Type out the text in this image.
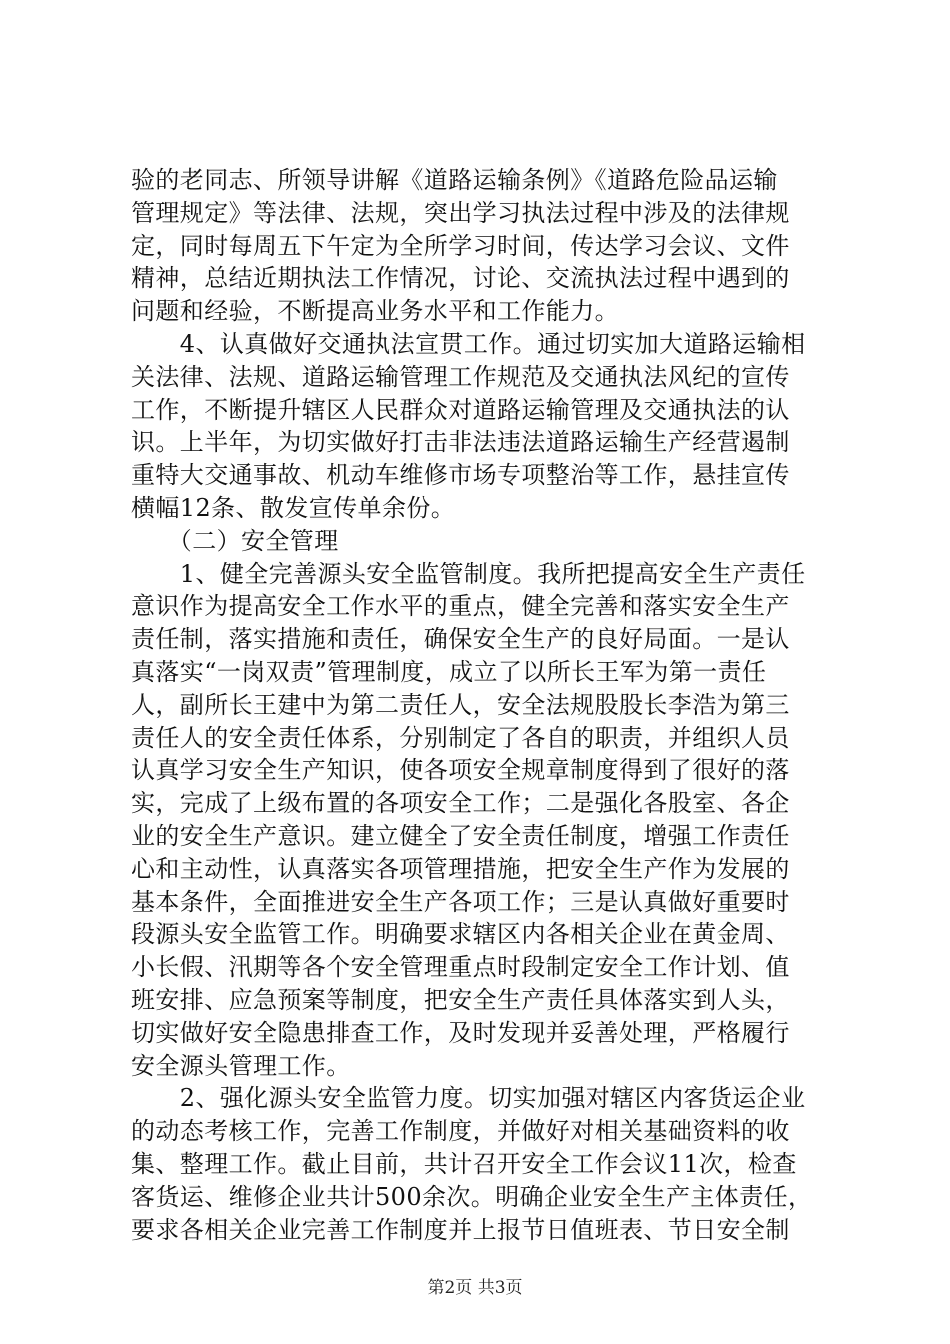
验的老同志、所领导讲解《道路运输条例》《道路危险品运输
管理规定》等法律、法规，突出学习执法过程中涉及的法律规
定，同时每周五下午定为全所学习时间，传达学习会议、文件
精神，总结近期执法工作情况，讨论、交流执法过程中遇到的
问题和经验，不断提高业务水平和工作能力。
　　4、认真做好交通执法宣贯工作。通过切实加大道路运输相
关法律、法规、道路运输管理工作规范及交通执法风纪的宣传
工作，不断提升辖区人民群众对道路运输管理及交通执法的认
识。上半年，为切实做好打击非法违法道路运输生产经营遏制
重特大交通事故、机动车维修市场专项整治等工作，悬挂宣传
横幅12条、散发宣传单余份。
　　（二）安全管理
　　1、健全完善源头安全监管制度。我所把提高安全生产责任
意识作为提高安全工作水平的重点，健全完善和落实安全生产
责任制，落实措施和责任，确保安全生产的良好局面。一是认
真落实“一岗双责”管理制度，成立了以所长王军为第一责任
人，副所长王建中为第二责任人，安全法规股股长李浩为第三
责任人的安全责任体系，分别制定了各自的职责，并组织人员
认真学习安全生产知识，使各项安全规章制度得到了很好的落
实，完成了上级布置的各项安全工作；二是强化各股室、各企
业的安全生产意识。建立健全了安全责任制度，增强工作责任
心和主动性，认真落实各项管理措施，把安全生产作为发展的
基本条件，全面推进安全生产各项工作；三是认真做好重要时
段源头安全监管工作。明确要求辖区内各相关企业在黄金周、
小长假、汛期等各个安全管理重点时段制定安全工作计划、值
班安排、应急预案等制度，把安全生产责任具体落实到人头，
切实做好安全隐患排查工作，及时发现并妥善处理，严格履行
安全源头管理工作。
　　2、强化源头安全监管力度。切实加强对辖区内客货运企业
的动态考核工作，完善工作制度，并做好对相关基础资料的收
集、整理工作。截止目前，共计召开安全工作会议11次，检查
客货运、维修企业共计500余次。明确企业安全生产主体责任，
要求各相关企业完善工作制度并上报节日值班表、节日安全制
第2页 共3页
